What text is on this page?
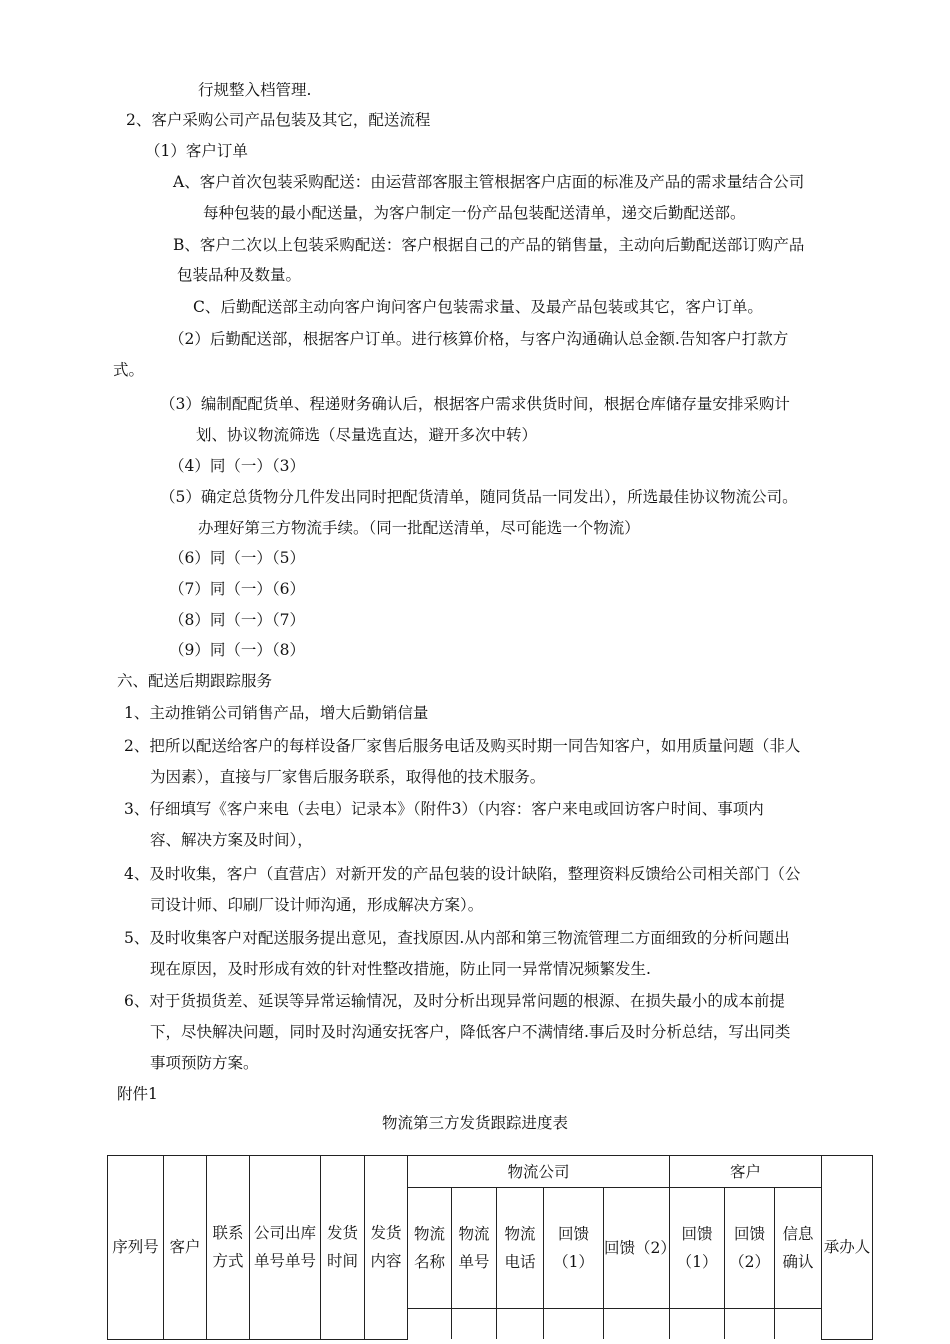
行规整入档管理.
2、客户采购公司产品包装及其它，配送流程
（1）客户订单
A、客户首次包装采购配送：由运营部客服主管根据客户店面的标准及产品的需求量结合公司
每种包装的最小配送量，为客户制定一份产品包装配送清单，递交后勤配送部。
B、客户二次以上包装采购配送：客户根据自己的产品的销售量，主动向后勤配送部订购产品
包装品种及数量。
C、后勤配送部主动向客户询问客户包装需求量、及最产品包装或其它，客户订单。
（2）后勤配送部，根据客户订单。进行核算价格，与客户沟通确认总金额.告知客户打款方
式。
（3）编制配配货单、程递财务确认后，根据客户需求供货时间，根据仓库储存量安排采购计
划、协议物流筛选（尽量选直达，避开多次中转）
（4）同（一）（3）
（5）确定总货物分几件发出同时把配货清单，随同货品一同发出），所选最佳协议物流公司。
办理好第三方物流手续。（同一批配送清单，尽可能选一个物流）
（6）同（一）（5）
（7）同（一）（6）
（8）同（一）（7）
（9）同（一）（8）
六、配送后期跟踪服务
1、主动推销公司销售产品，增大后勤销信量
2、把所以配送给客户的每样设备厂家售后服务电话及购买时期一同告知客户，如用质量问题（非人
为因素），直接与厂家售后服务联系，取得他的技术服务。
3、仔细填写《客户来电（去电）记录本》（附件3）（内容：客户来电或回访客户时间、事项内
容、解决方案及时间），
4、及时收集，客户（直营店）对新开发的产品包装的设计缺陷，整理资料反馈给公司相关部门（公
司设计师、印刷厂设计师沟通，形成解决方案）。
5、及时收集客户对配送服务提出意见，查找原因.从内部和第三物流管理二方面细致的分析问题出
现在原因，及时形成有效的针对性整改措施，防止同一异常情况频繁发生.
6、对于货损货差、延误等异常运输情况，及时分析出现异常问题的根源、在损失最小的成本前提
下，尽快解决问题，同时及时沟通安抚客户，降低客户不满情绪.事后及时分析总结，写出同类
事项预防方案。
附件1
物流第三方发货跟踪进度表
序列号	客户	联系方式	公司出库单号单号	发货时间	发货内容	物流公司					客户			承办人
						物流名称	物流单号	物流电话	回馈（1）	回馈（2）	回馈（1）	回馈（2）	信息确认	
